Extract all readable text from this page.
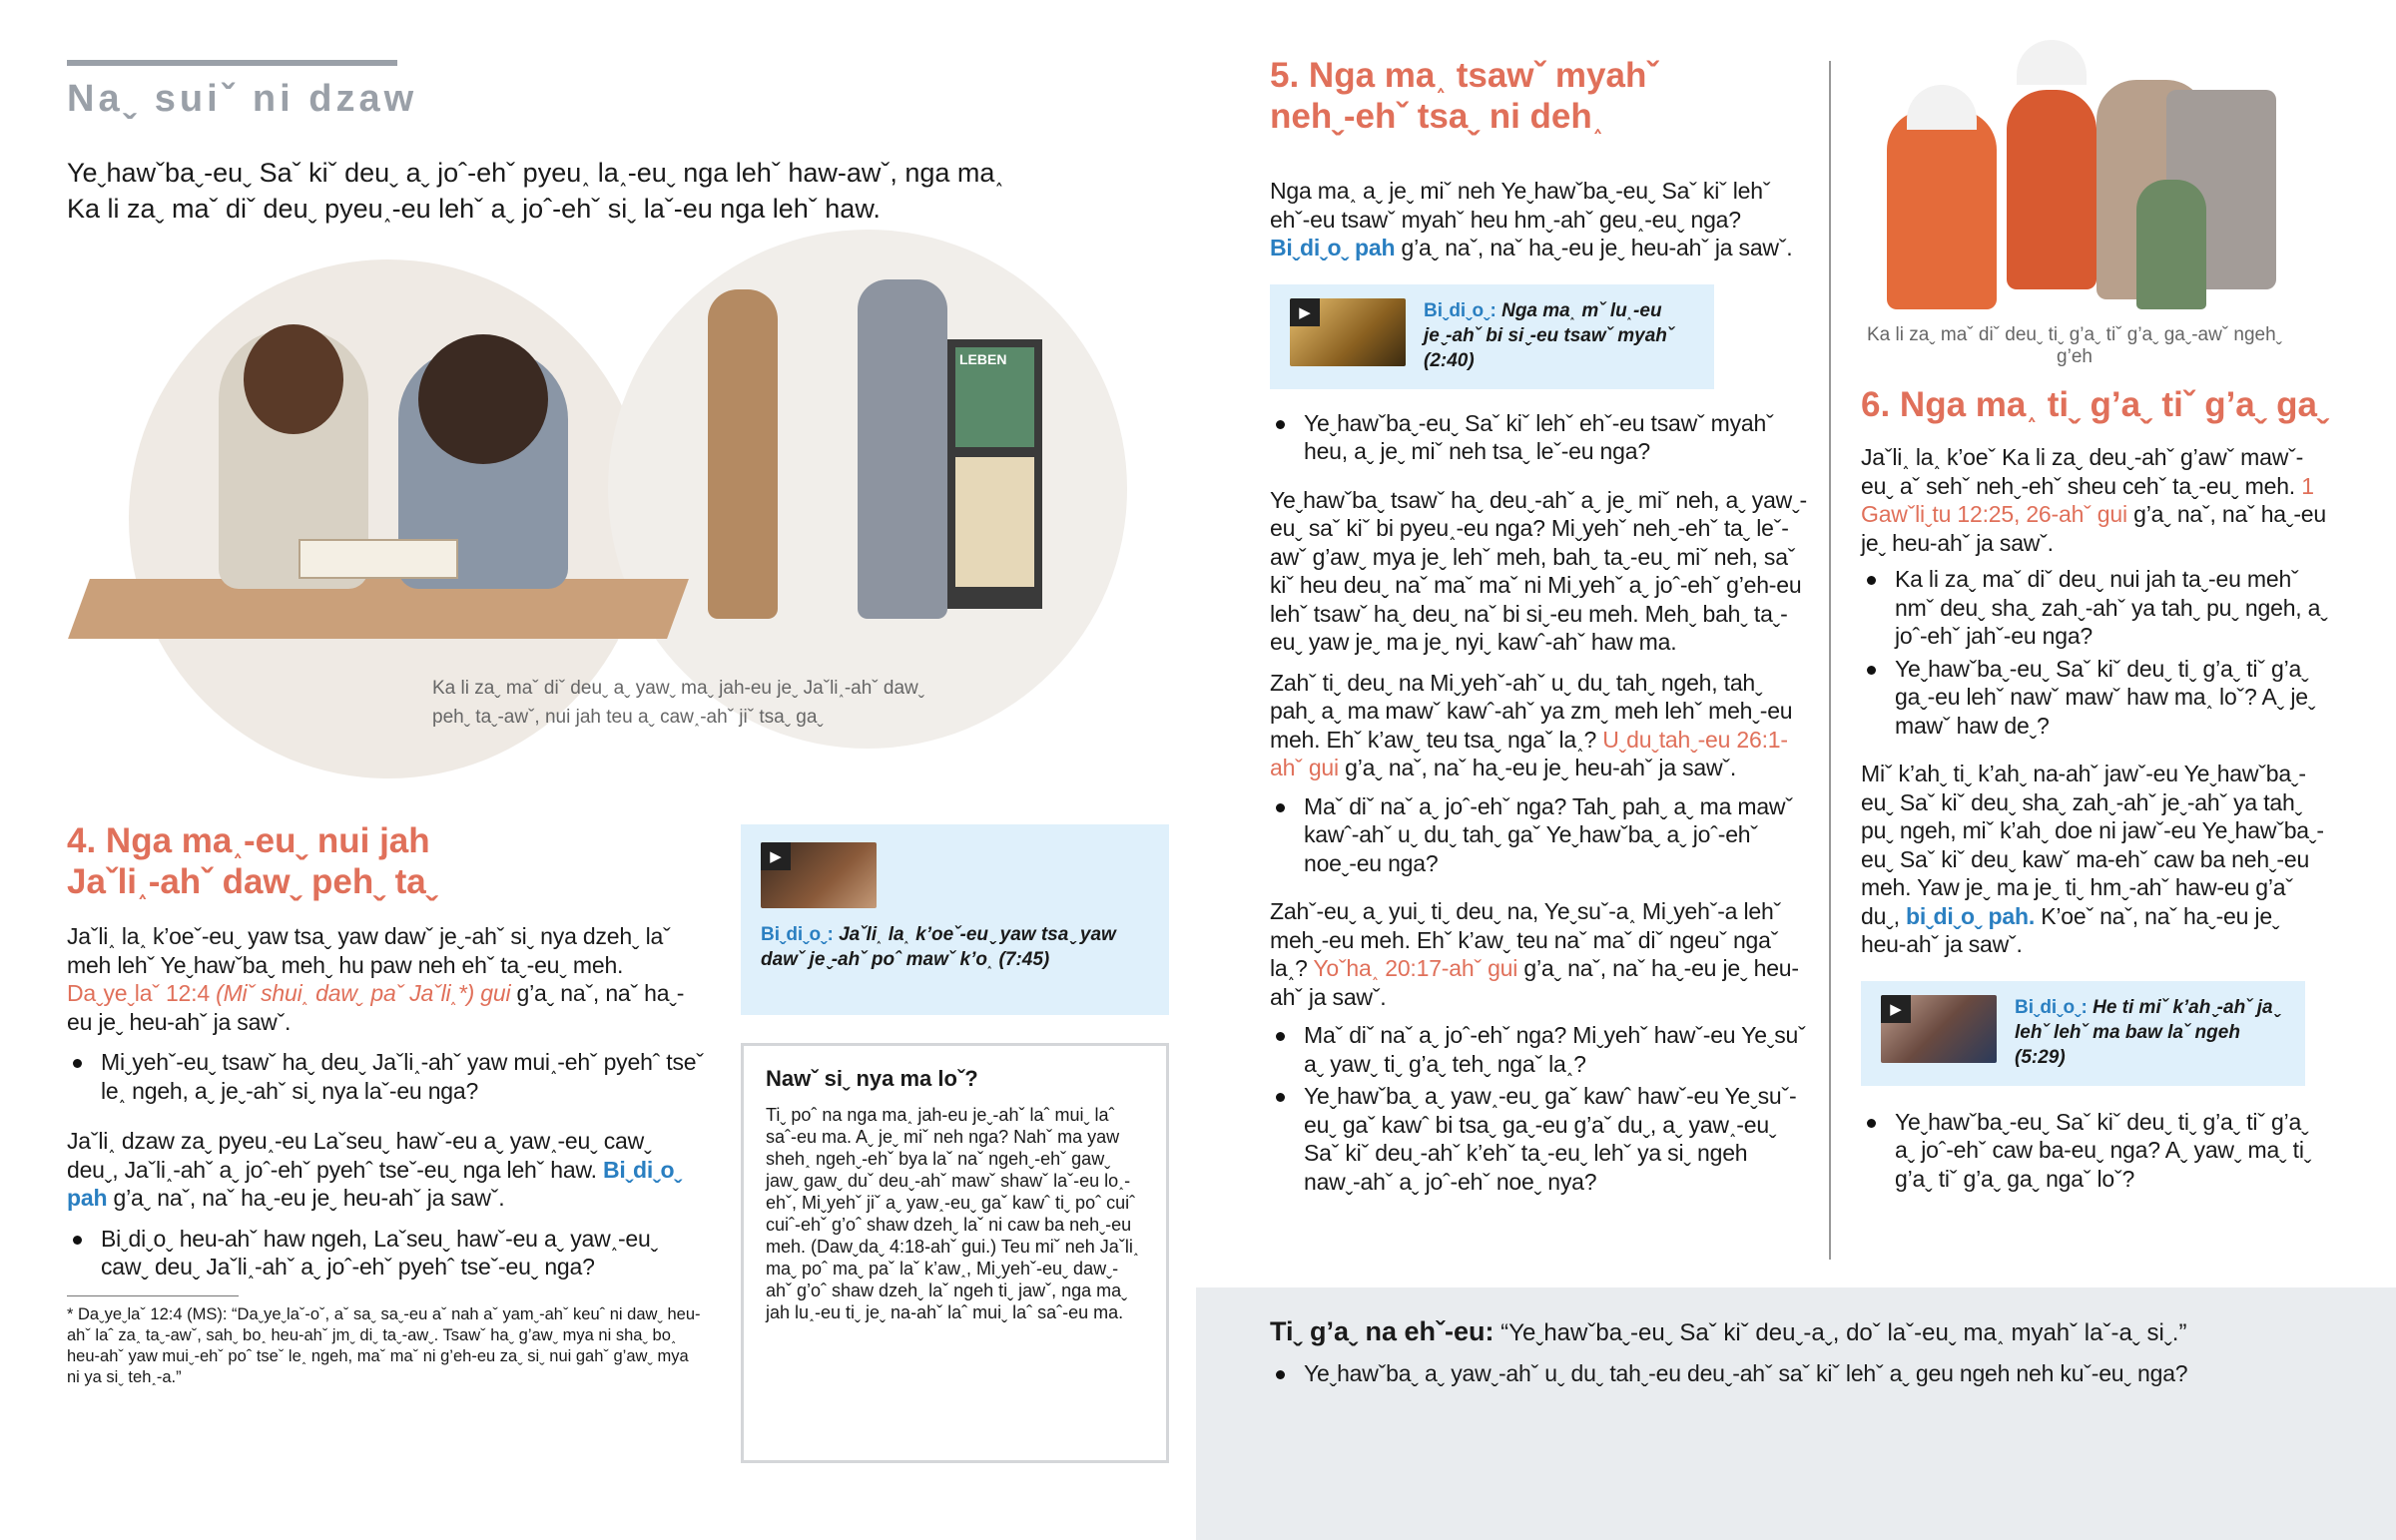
Naˬ suiˇ ni dzaw
Yeˬhawˇbaˬ-euˬ Saˇ kiˇ deuˬ aˬ joˆ-ehˇ pyeu˰ la˰-euˬ nga lehˇ haw-awˇ, nga ma˰ Ka li zaˬ maˇ diˇ deuˬ pyeu˰-eu lehˇ aˬ joˆ-ehˇ siˬ laˇ-eu nga lehˇ haw.
LEBEN
Ka li zaˬ maˇ diˇ deuˬ aˬ yawˬ maˬ jah-eu jeˬ Jaˇli˰-ahˇ dawˬ pehˬ taˬ-awˇ, nui jah teu aˬ caw˰-ahˇ jiˇ tsaˬ gaˬ
4. Nga ma˰-euˬ nui jah
Jaˇli˰-ahˇ dawˬ pehˬ taˬ

Jaˇli˰ la˰ k’oeˇ-euˬ yaw tsaˬ yaw dawˇ jeˬ-ahˇ siˬ nya dzehˬ laˇ meh lehˇ Yeˬhawˇbaˬ mehˬ hu paw neh ehˇ taˬ-euˬ meh. Daˬyeˬlaˇ 12:4 (Miˇ shui˰ dawˬ paˇ Jaˇli˰*) gui g’aˬ naˇ, naˇ haˬ-eu jeˬ heu-ahˇ ja sawˇ.

Miˬyehˇ-euˬ tsawˇ haˬ deuˬ Jaˇli˰-ahˇ yaw mui˰-ehˇ pyehˆ tseˇ le˰ ngeh, aˬ jeˬ-ahˇ siˬ nya laˇ-eu nga?

Jaˇli˰ dzaw zaˬ pyeu˰-eu Laˇseuˬ hawˇ-eu aˬ yaw˰-euˬ cawˬ deuˬ, Jaˇli˰-ahˇ aˬ joˆ-ehˇ pyehˆ tseˇ-euˬ nga lehˇ haw. Biˬdiˬoˬ pah g’aˬ naˇ, naˇ haˬ-eu jeˬ heu-ahˇ ja sawˇ.

Biˬdiˬoˬ heu-ahˇ haw ngeh, Laˇseuˬ hawˇ-eu aˬ yaw˰-euˬ cawˬ deuˬ Jaˇli˰-ahˇ aˬ joˆ-ehˇ pyehˆ tseˇ-euˬ nga?
* Daˬyeˬlaˇ 12:4 (MS): “Daˬyeˬlaˇ-oˇ, aˇ saˬ saˬ-eu aˇ nah aˇ yamˬ-ahˇ keuˆ ni dawˬ heu-ahˇ laˆ za˰ taˬ-awˇ, sahˬ bo˰ heu-ahˇ jmˬ diˬ taˬ-awˬ. Tsawˇ haˬ g’awˬ mya ni shaˬ bo˰ heu-ahˇ yaw muiˬ-ehˇ poˆ tseˇ le˰ ngeh, maˇ maˇ ni g’eh-eu zaˬ siˬ nui gahˇ g’awˬ mya ni ya siˬ teh˰-a.”
▶
Biˬdiˬoˬ: Jaˇli˰ la˰ k’oeˇ-euˬ yaw tsaˬ yaw dawˇ jeˬ-ahˇ poˆ mawˇ k’o˰ (7:45)
Nawˇ siˬ nya ma loˇ?
Tiˬ poˆ na nga ma˰ jah-eu jeˬ-ahˇ laˆ muiˬ laˆ saˆ-eu ma. Aˬ jeˬ miˇ neh nga? Nahˇ ma yaw sheh˰ ngehˬ-ehˇ bya laˇ naˇ ngehˬ-ehˇ gawˬ jawˬ gawˬ duˇ deuˬ-ahˇ mawˇ shawˇ laˇ-eu lo˰-ehˇ, Miˬyehˇ jiˇ aˬ yaw˰-euˬ gaˇ kawˆ tiˬ poˆ cuiˆ cuiˆ-ehˇ g’oˆ shaw dzehˬ laˇ ni caw ba nehˬ-eu meh. (Dawˬdaˬ 4:18-ahˇ gui.) Teu miˇ neh Jaˇli˰ maˬ poˆ maˬ paˇ laˇ k’aw˰, Miˬyehˇ-euˬ dawˬ-ahˇ g’oˆ shaw dzehˬ laˇ ngeh tiˬ jawˇ, nga maˬ jah lu˰-eu tiˬ jeˬ na-ahˇ laˆ muiˬ laˆ saˆ-eu ma.
5. Nga ma˰ tsawˇ myahˇ
nehˬ-ehˇ tsaˬ ni deh˰

Nga ma˰ aˬ jeˬ miˇ neh Yeˬhawˇbaˬ-euˬ Saˇ kiˇ lehˇ ehˇ-eu tsawˇ myahˇ heu hmˬ-ahˇ geu˰-euˬ nga? Biˬdiˬoˬ pah g’aˬ naˇ, naˇ haˬ-eu jeˬ heu-ahˇ ja sawˇ.

▶	Biˬdiˬoˬ: Nga ma˰ mˇ lu˰-eu jeˬ-ahˇ bi siˬ-eu tsawˇ myahˇ (2:40)
Yeˬhawˇbaˬ-euˬ Saˇ kiˇ lehˇ ehˇ-eu tsawˇ myahˇ heu, aˬ jeˬ miˇ neh tsaˬ leˇ-eu nga?

Yeˬhawˇbaˬ tsawˇ haˬ deuˬ-ahˇ aˬ jeˬ miˇ neh, aˬ yawˬ-euˬ saˇ kiˇ bi pyeu˰-eu nga? Miˬyehˇ nehˬ-ehˇ taˬ leˇ-awˇ g’awˬ mya jeˬ lehˇ meh, bahˬ taˬ-euˬ miˇ neh, saˇ kiˇ heu deuˬ naˇ maˇ maˇ ni Miˬyehˇ aˬ joˆ-ehˇ g’eh-eu lehˇ tsawˇ haˬ deuˬ naˇ bi siˬ-eu meh. Mehˬ bahˬ taˬ-euˬ yaw jeˬ ma jeˬ nyiˬ kawˆ-ahˇ haw ma.

Zahˇ tiˬ deuˬ na Miˬyehˇ-ahˇ uˬ duˬ tahˬ ngeh, tahˬ pahˬ aˬ ma mawˇ kawˆ-ahˇ ya zmˬ meh lehˇ mehˬ-eu meh. Ehˇ k’awˬ teu tsaˬ ngaˇ la˰? Uˬduˬtahˬ-eu 26:1-ahˇ gui g’aˬ naˇ, naˇ haˬ-eu jeˬ heu-ahˇ ja sawˇ.

Maˇ diˇ naˇ aˬ joˆ-ehˇ nga? Tahˬ pahˬ aˬ ma mawˇ kawˆ-ahˇ uˬ duˬ tahˬ gaˇ Yeˬhawˇbaˬ aˬ joˆ-ehˇ noeˬ-eu nga?

Zahˇ-euˬ aˬ yuiˬ tiˬ deuˬ na, Yeˬsuˇ-a˰ Miˬyehˇ-a lehˇ mehˬ-eu meh. Ehˇ k’awˬ teu naˇ maˇ diˇ ngeuˇ ngaˇ la˰? Yoˇha˰ 20:17-ahˇ gui g’aˬ naˇ, naˇ haˬ-eu jeˬ heu-ahˇ ja sawˇ.

Maˇ diˇ naˇ aˬ joˆ-ehˇ nga? Miˬyehˇ hawˇ-eu Yeˬsuˇ aˬ yawˬ tiˬ g’aˬ tehˬ ngaˇ la˰?
Yeˬhawˇbaˬ aˬ yaw˰-euˬ gaˇ kawˆ hawˇ-eu Yeˬsuˇ-euˬ gaˇ kawˆ bi tsaˬ gaˬ-eu g’aˇ duˬ, aˬ yaw˰-euˬ Saˇ kiˇ deuˬ-ahˇ k’ehˇ taˬ-euˬ lehˇ ya siˬ ngeh nawˬ-ahˇ aˬ joˆ-ehˇ noeˬ nya?
Ka li zaˬ maˇ diˇ deuˬ tiˬ g’aˬ tiˇ g’aˬ gaˬ-awˇ ngehˬ g’eh
6. Nga ma˰ tiˬ g’aˬ tiˇ g’aˬ gaˬ

Jaˇli˰ la˰ k’oeˇ Ka li zaˬ deuˬ-ahˇ g’awˇ mawˇ-euˬ aˇ sehˇ nehˬ-ehˇ sheu cehˇ taˬ-euˬ meh. 1 Gawˇliˬtu 12:25, 26-ahˇ gui g’aˬ naˇ, naˇ haˬ-eu jeˬ heu-ahˇ ja sawˇ.

Ka li zaˬ maˇ diˇ deuˬ nui jah taˬ-eu mehˇ nmˇ deuˬ shaˬ zahˬ-ahˇ ya tahˬ puˬ ngeh, aˬ joˆ-ehˇ jahˇ-eu nga?
Yeˬhawˇbaˬ-euˬ Saˇ kiˇ deuˬ tiˬ g’aˬ tiˇ g’aˬ gaˬ-eu lehˇ nawˇ mawˇ haw ma˰ loˇ? Aˬ jeˬ mawˇ haw deˬ?

Miˇ k’ahˬ tiˬ k’ahˬ na-ahˇ jawˇ-eu Yeˬhawˇbaˬ-euˬ Saˇ kiˇ deuˬ shaˬ zahˬ-ahˇ jeˬ-ahˇ ya tahˬ puˬ ngeh, miˇ k’ahˬ doe ni jawˇ-eu Yeˬhawˇbaˬ-euˬ Saˇ kiˇ deuˬ kawˇ ma-ehˇ caw ba nehˬ-eu meh. Yaw jeˬ ma jeˬ tiˬ hmˬ-ahˇ haw-eu g’aˇ duˬ, biˬdiˬoˬ pah. K’oeˇ naˇ, naˇ haˬ-eu jeˬ heu-ahˇ ja sawˇ.

▶	Biˬdiˬoˬ: He ti miˇ k’ahˬ-ahˇ jaˬ lehˇ lehˇ ma baw laˇ ngeh (5:29)
Yeˬhawˇbaˬ-euˬ Saˇ kiˇ deuˬ tiˬ g’aˬ tiˇ g’aˬ aˬ joˆ-ehˇ caw ba-euˬ nga? Aˬ yawˬ maˬ tiˬ g’aˬ tiˇ g’aˬ gaˬ ngaˇ loˇ?

Tiˬ g’aˬ na ehˇ-eu: “Yeˬhawˇbaˬ-euˬ Saˇ kiˇ deuˬ-aˬ, doˇ laˇ-euˬ ma˰ myahˇ laˇ-aˬ siˬ.”

Yeˬhawˇbaˬ aˬ yawˬ-ahˇ uˬ duˬ tahˬ-eu deuˬ-ahˇ saˇ kiˇ lehˇ aˬ geu ngeh neh kuˇ-euˬ nga?
